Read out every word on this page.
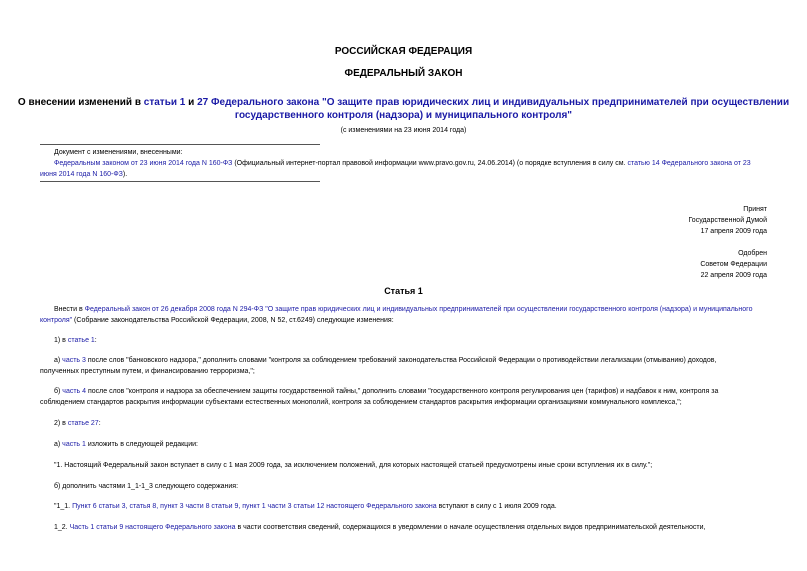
РОССИЙСКАЯ ФЕДЕРАЦИЯ
ФЕДЕРАЛЬНЫЙ ЗАКОН
О внесении изменений в статьи 1 и 27 Федерального закона "О защите прав юридических лиц и индивидуальных предпринимателей при осуществлении
государственного контроля (надзора) и муниципального контроля"
(с изменениями на 23 июня 2014 года)
Документ с изменениями, внесенными:
Федеральным законом от 23 июня 2014 года N 160-ФЗ (Официальный интернет-портал правовой информации www.pravo.gov.ru, 24.06.2014) (о порядке вступления в силу см. статью 14 Федерального закона от 23
июня 2014 года N 160-ФЗ).
Принят
Государственной Думой
17 апреля 2009 года
Одобрен
Советом Федерации
22 апреля 2009 года
Статья 1
Внести в Федеральный закон от 26 декабря 2008 года N 294-ФЗ "О защите прав юридических лиц и индивидуальных предпринимателей при осуществлении государственного контроля (надзора) и муниципального
контроля" (Собрание законодательства Российской Федерации, 2008, N 52, ст.6249) следующие изменения:
1) в статье 1:
а) часть 3 после слов "банковского надзора," дополнить словами "контроля за соблюдением требований законодательства Российской Федерации о противодействии легализации (отмыванию) доходов,
полученных преступным путем, и финансированию терроризма,";
б) часть 4 после слов "контроля и надзора за обеспечением защиты государственной тайны," дополнить словами "государственного контроля регулирования цен (тарифов) и надбавок к ним, контроля за
соблюдением стандартов раскрытия информации субъектами естественных монополий, контроля за соблюдением стандартов раскрытия информации организациями коммунального комплекса,";
2) в статье 27:
а) часть 1 изложить в следующей редакции:
"1. Настоящий Федеральный закон вступает в силу с 1 мая 2009 года, за исключением положений, для которых настоящей статьей предусмотрены иные сроки вступления их в силу.";
б) дополнить частями 1_1-1_3 следующего содержания:
"1_1. Пункт 6 статьи 3, статья 8, пункт 3 части 8 статьи 9, пункт 1 части 3 статьи 12 настоящего Федерального закона вступают в силу с 1 июля 2009 года.
1_2. Часть 1 статьи 9 настоящего Федерального закона в части соответствия сведений, содержащихся в уведомлении о начале осуществления отдельных видов предпринимательской деятельности,
